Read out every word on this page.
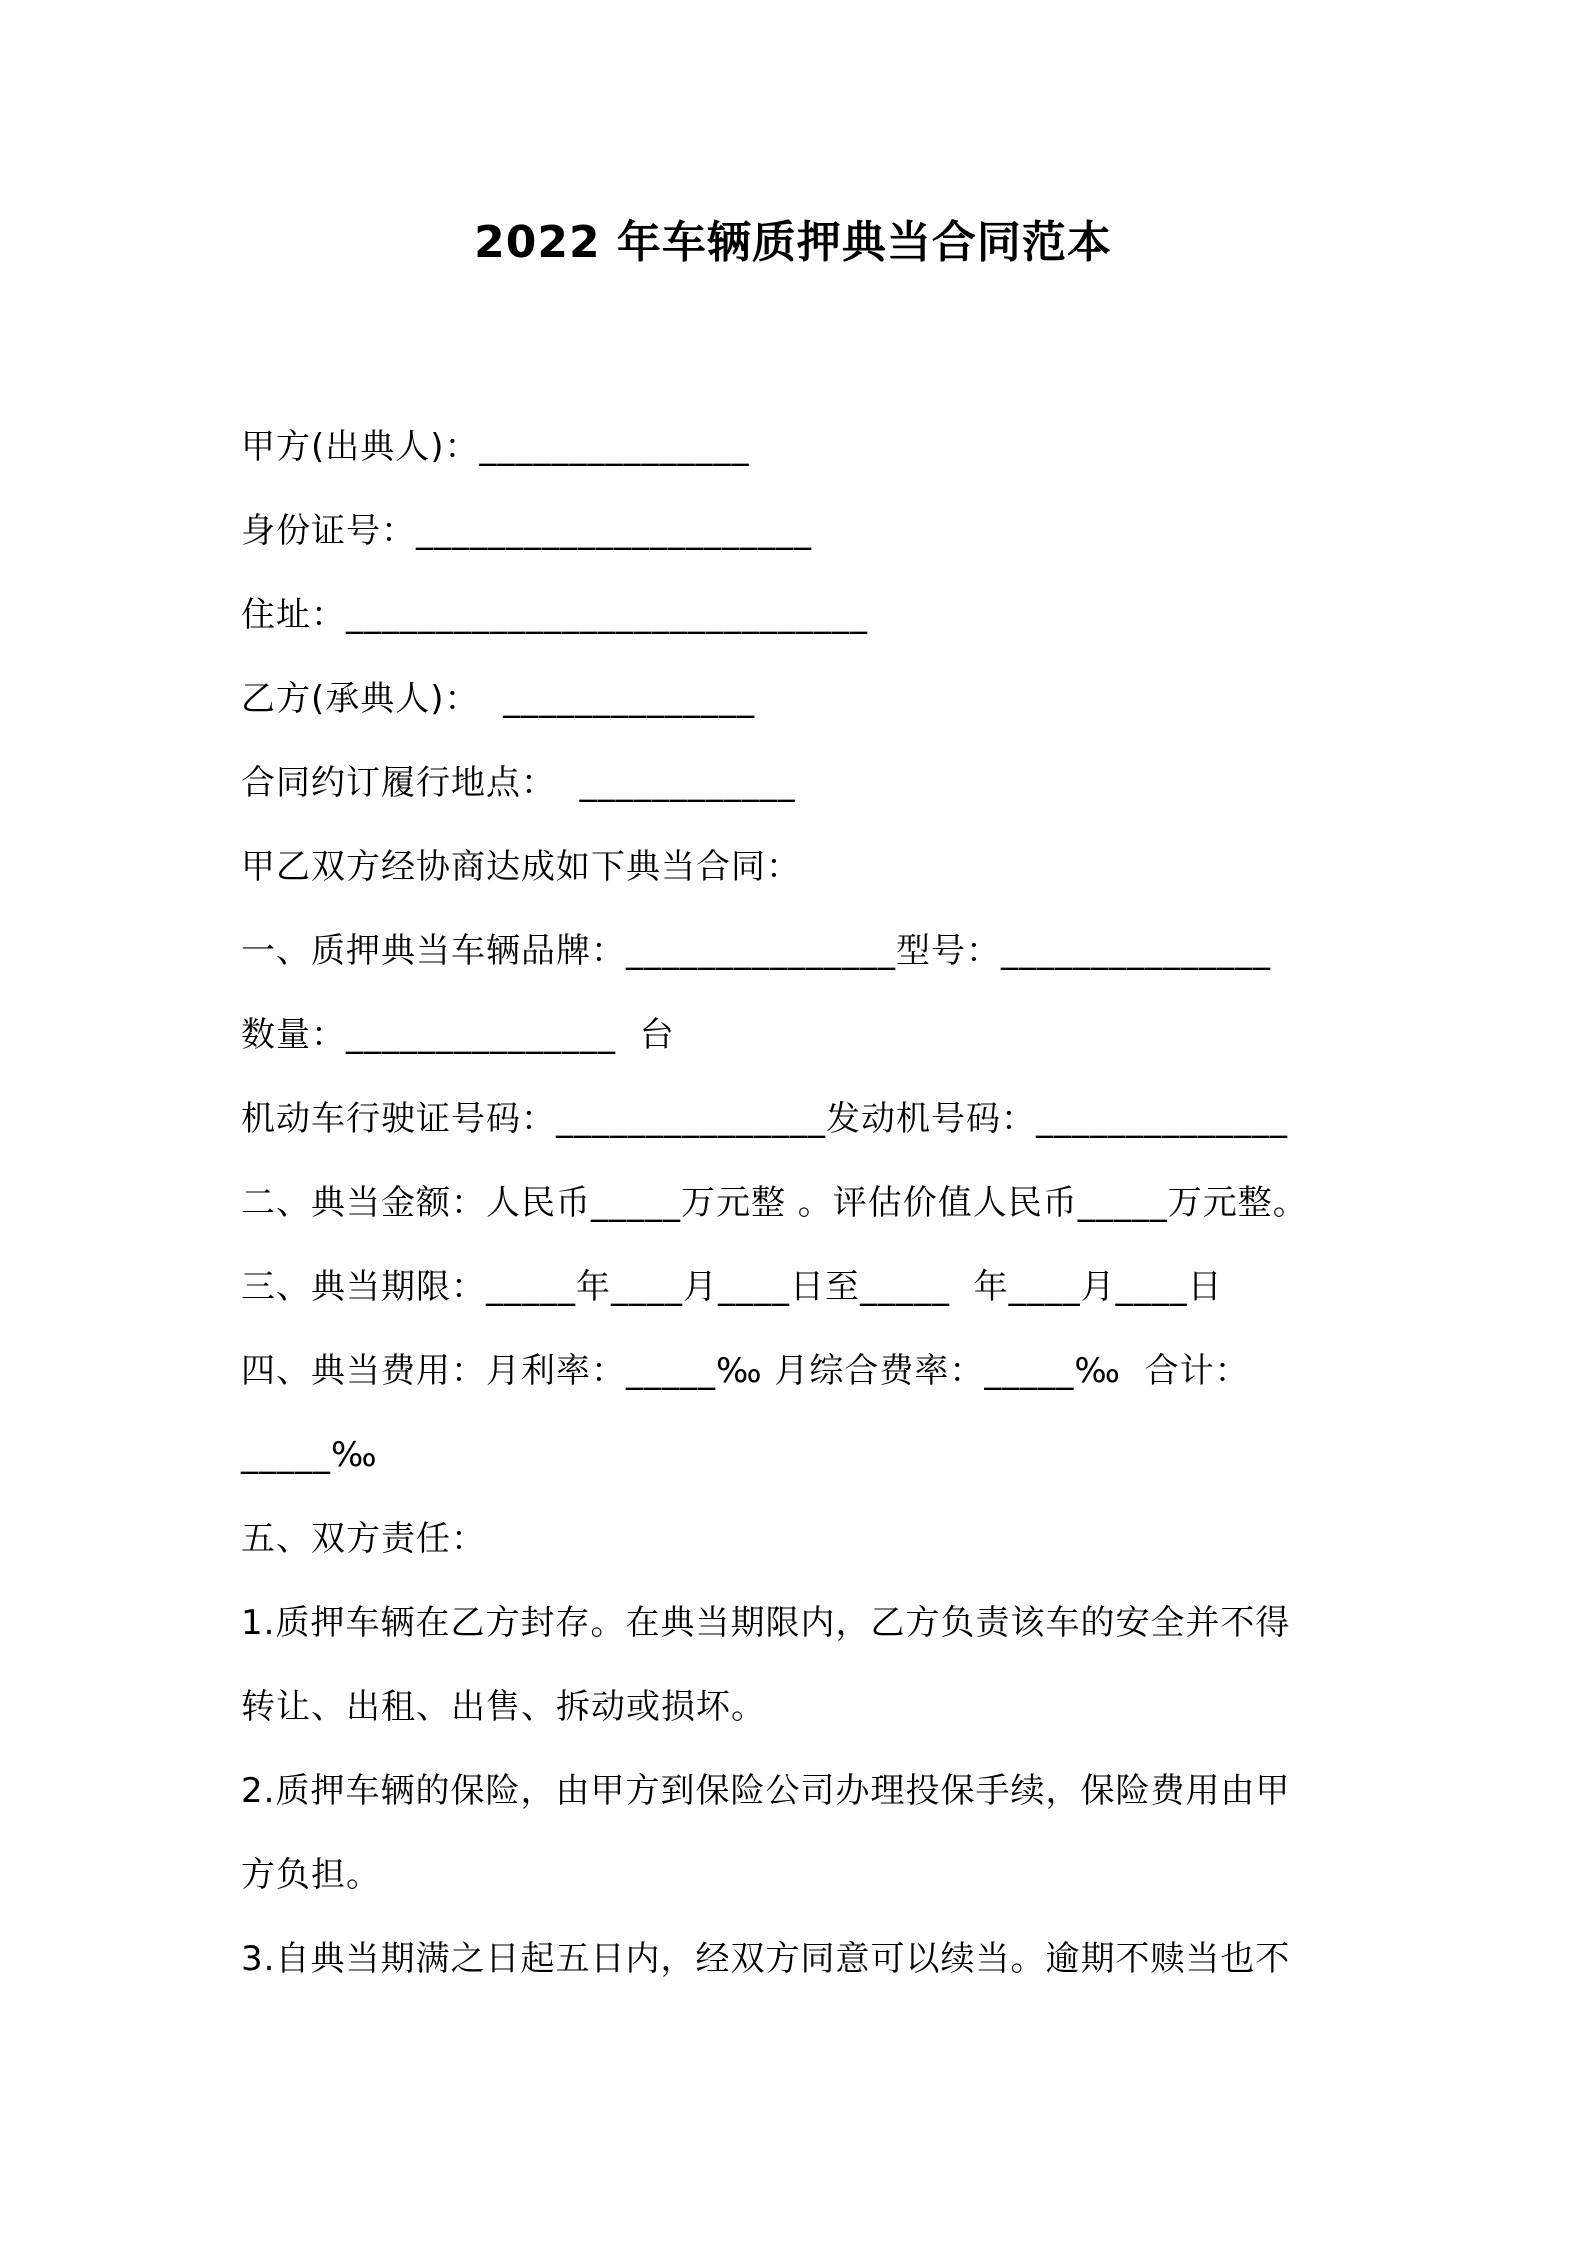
2022 年车辆质押典当合同范本
甲方(出典人)：_______________
身份证号：______________________
住址：_____________________________
乙方(承典人)：  ______________
合同约订履行地点：  ____________
甲乙双方经协商达成如下典当合同：
一、质押典当车辆品牌：_______________型号：_______________
数量：_______________  台
机动车行驶证号码：_______________发动机号码：______________
二、典当金额：人民币_____万元整 。评估价值人民币_____万元整。
三、典当期限：_____年____月____日至_____  年____月____日
四、典当费用：月利率：_____‰ 月综合费率：_____‰  合计：
_____‰
五、双方责任：
1.质押车辆在乙方封存。在典当期限内，乙方负责该车的安全并不得
转让、出租、出售、拆动或损坏。
2.质押车辆的保险，由甲方到保险公司办理投保手续，保险费用由甲
方负担。
3.自典当期满之日起五日内，经双方同意可以续当。逾期不赎当也不
